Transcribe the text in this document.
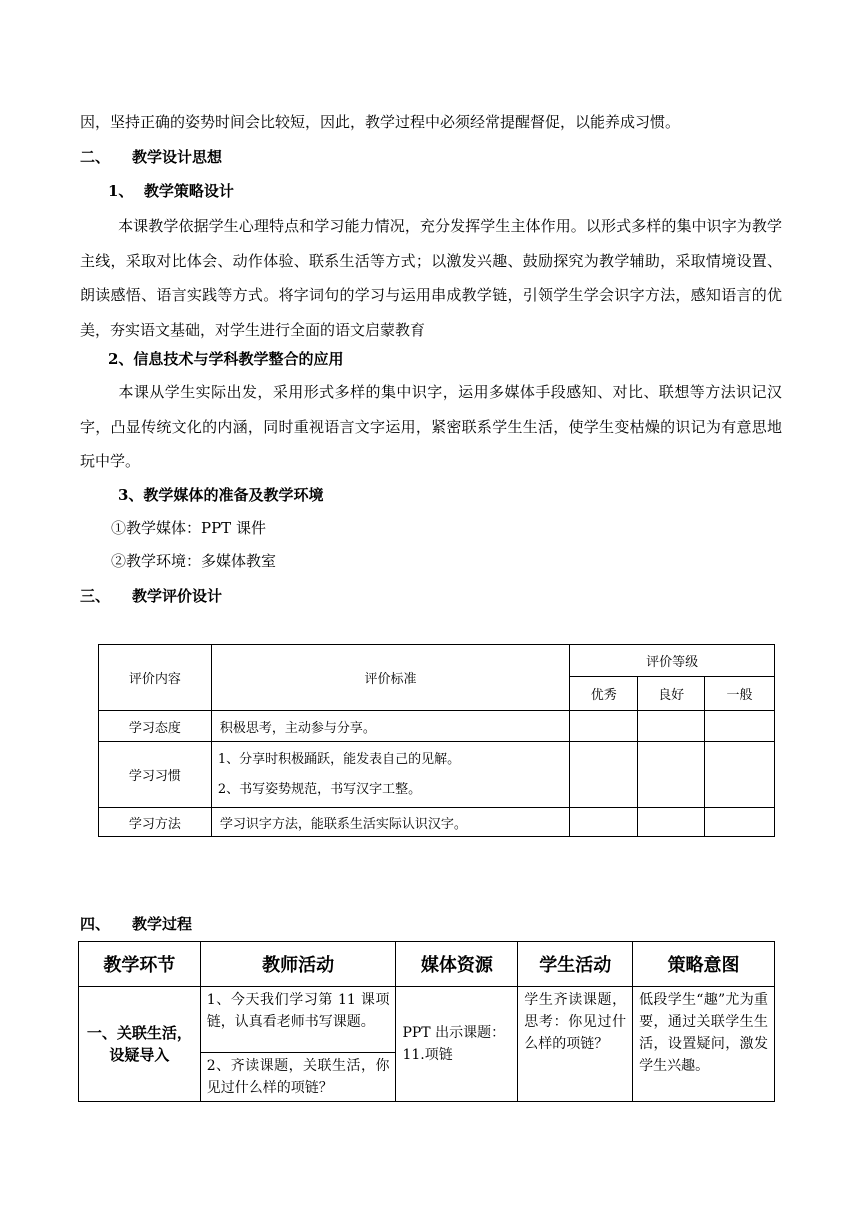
因，坚持正确的姿势时间会比较短，因此，教学过程中必须经常提醒督促，以能养成习惯。
二、 教学设计思想
1、  教学策略设计
本课教学依据学生心理特点和学习能力情况，充分发挥学生主体作用。以形式多样的集中识字为教学主线，采取对比体会、动作体验、联系生活等方式；以激发兴趣、鼓励探究为教学辅助，采取情境设置、朗读感悟、语言实践等方式。将字词句的学习与运用串成教学链，引领学生学会识字方法，感知语言的优美，夯实语文基础，对学生进行全面的语文启蒙教育
2、信息技术与学科教学整合的应用
本课从学生实际出发，采用形式多样的集中识字，运用多媒体手段感知、对比、联想等方法识记汉字，凸显传统文化的内涵，同时重视语言文字运用，紧密联系学生生活，使学生变枯燥的识记为有意思地玩中学。
3、教学媒体的准备及教学环境
①教学媒体：PPT 课件
②教学环境：多媒体教室
三、 教学评价设计
评价内容	评价标准	评价等级		
		优秀	良好	一般
学习态度	积极思考，主动参与分享。			
学习习惯	1、分享时积极踊跃，能发表自己的见解。
2、书写姿势规范，书写汉字工整。			

学习方法	学习识字方法，能联系生活实际认识汉字。			
四、 教学过程
教学环节	教师活动	媒体资源	学生活动	策略意图

一、关联生活，
设疑导入	1、今天我们学习第 11 课项链，认真看老师书写课题。	PPT 出示课题：11.项链	学生齐读课题，思考：你见过什么样的项链？	低段学生“趣”尤为重要，通过关联学生生活，设置疑问，激发学生兴趣。
	2、齐读课题，关联生活，你见过什么样的项链？			
